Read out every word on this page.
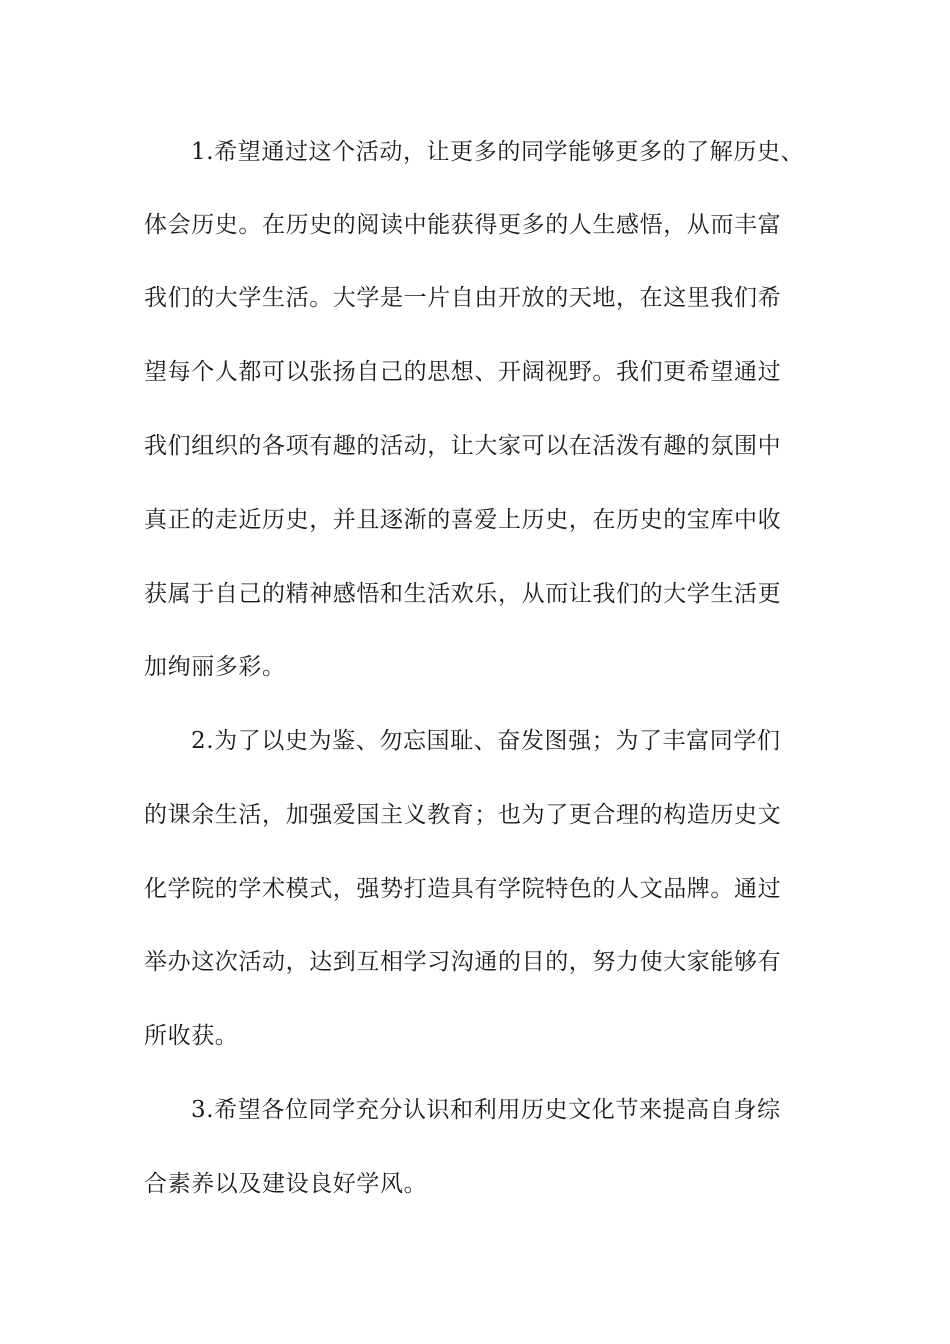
1.希望通过这个活动，让更多的同学能够更多的了解历史、
体会历史。在历史的阅读中能获得更多的人生感悟，从而丰富
我们的大学生活。大学是一片自由开放的天地，在这里我们希
望每个人都可以张扬自己的思想、开阔视野。我们更希望通过
我们组织的各项有趣的活动，让大家可以在活泼有趣的氛围中
真正的走近历史，并且逐渐的喜爱上历史，在历史的宝库中收
获属于自己的精神感悟和生活欢乐，从而让我们的大学生活更
加绚丽多彩。
2.为了以史为鉴、勿忘国耻、奋发图强；为了丰富同学们
的课余生活，加强爱国主义教育；也为了更合理的构造历史文
化学院的学术模式，强势打造具有学院特色的人文品牌。通过
举办这次活动，达到互相学习沟通的目的，努力使大家能够有
所收获。
3.希望各位同学充分认识和利用历史文化节来提高自身综
合素养以及建设良好学风。
